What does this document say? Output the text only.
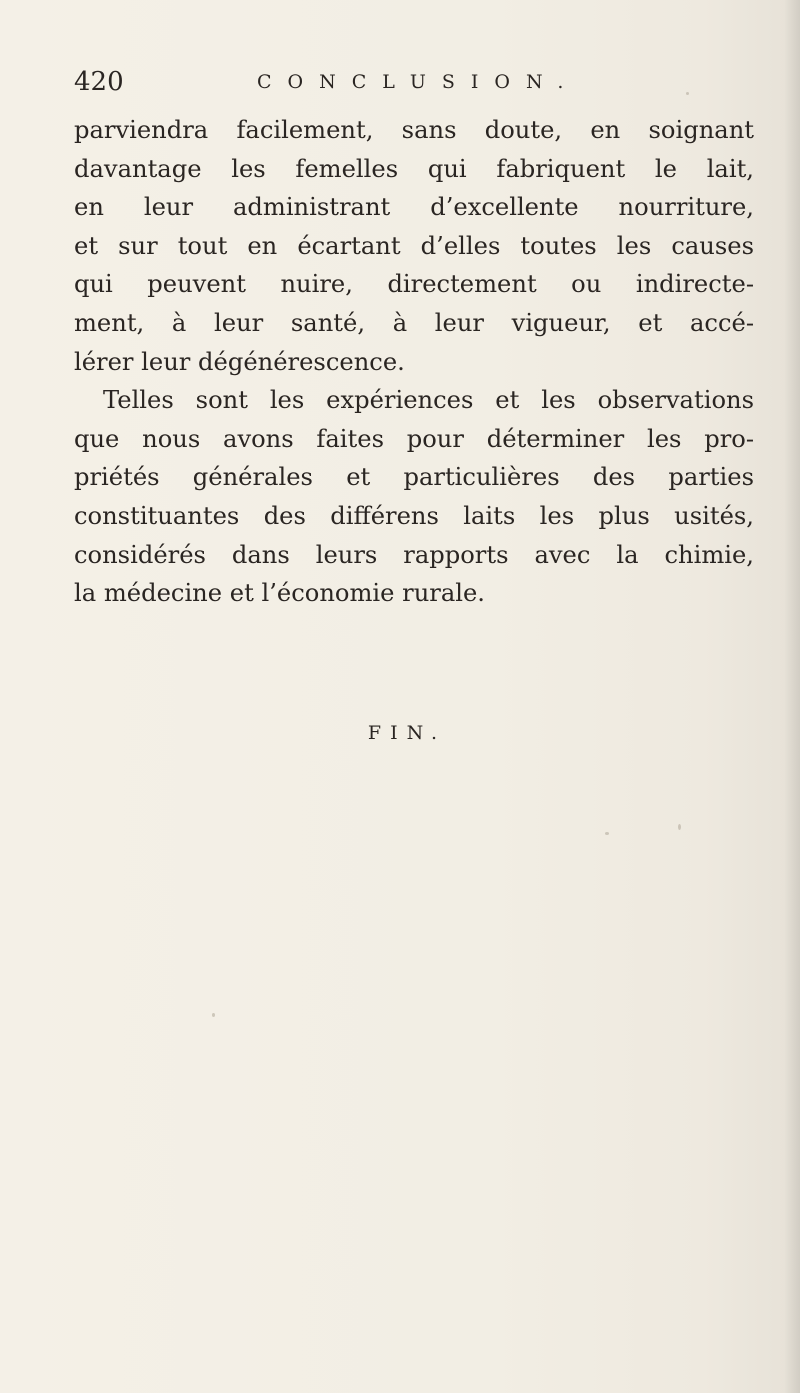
420	CONCLUSION.
parviendra facilement, sans doute, en soignant
davantage les femelles qui fabriquent le lait,
en leur administrant d’excellente nourriture,
et sur tout en écartant d’elles toutes les causes
qui peuvent nuire, directement ou indirecte-
ment, à leur santé, à leur vigueur, et accé-
lérer leur dégénérescence.
Telles sont les expériences et les observations
que nous avons faites pour déterminer les pro-
priétés générales et particulières des parties
constituantes des différens laits les plus usités,
considérés dans leurs rapports avec la chimie,
la médecine et l’économie rurale.
FIN.
